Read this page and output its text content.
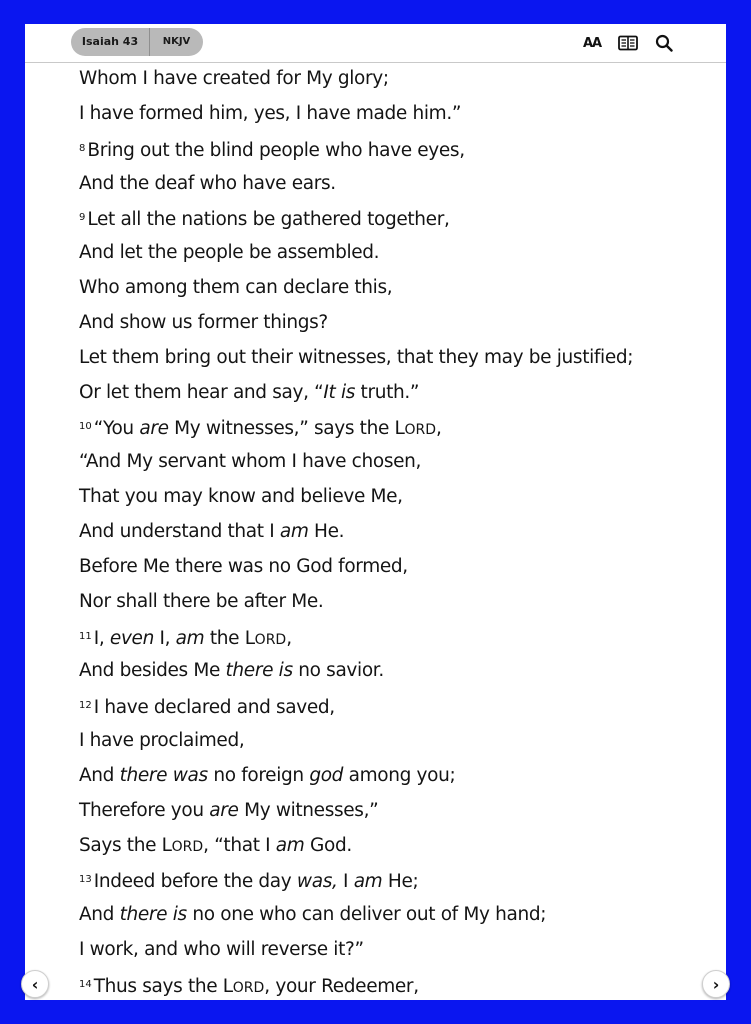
Isaiah 43	NKJV	AA
Whom I have created for My glory;
I have formed him, yes, I have made him.”
$^8$ Bring out the blind people who have eyes,
And the deaf who have ears.
$^9$ Let all the nations be gathered together,
And let the people be assembled.
Who among them can declare this,
And show us former things?
Let them bring out their witnesses, that they may be justified;
Or let them hear and say, “It is truth.”
$^{10}$ “You are My witnesses,” says the LORD,
“And My servant whom I have chosen,
That you may know and believe Me,
And understand that I am He.
Before Me there was no God formed,
Nor shall there be after Me.
$^{11}$ I, even I, am the LORD,
And besides Me there is no savior.
$^{12}$ I have declared and saved,
I have proclaimed,
And there was no foreign god among you;
Therefore you are My witnesses,”
Says the LORD, “that I am God.
$^{13}$ Indeed before the day was, I am He;
And there is no one who can deliver out of My hand;
I work, and who will reverse it?”
$^{14}$ Thus says the LORD, your Redeemer,
‹	›
